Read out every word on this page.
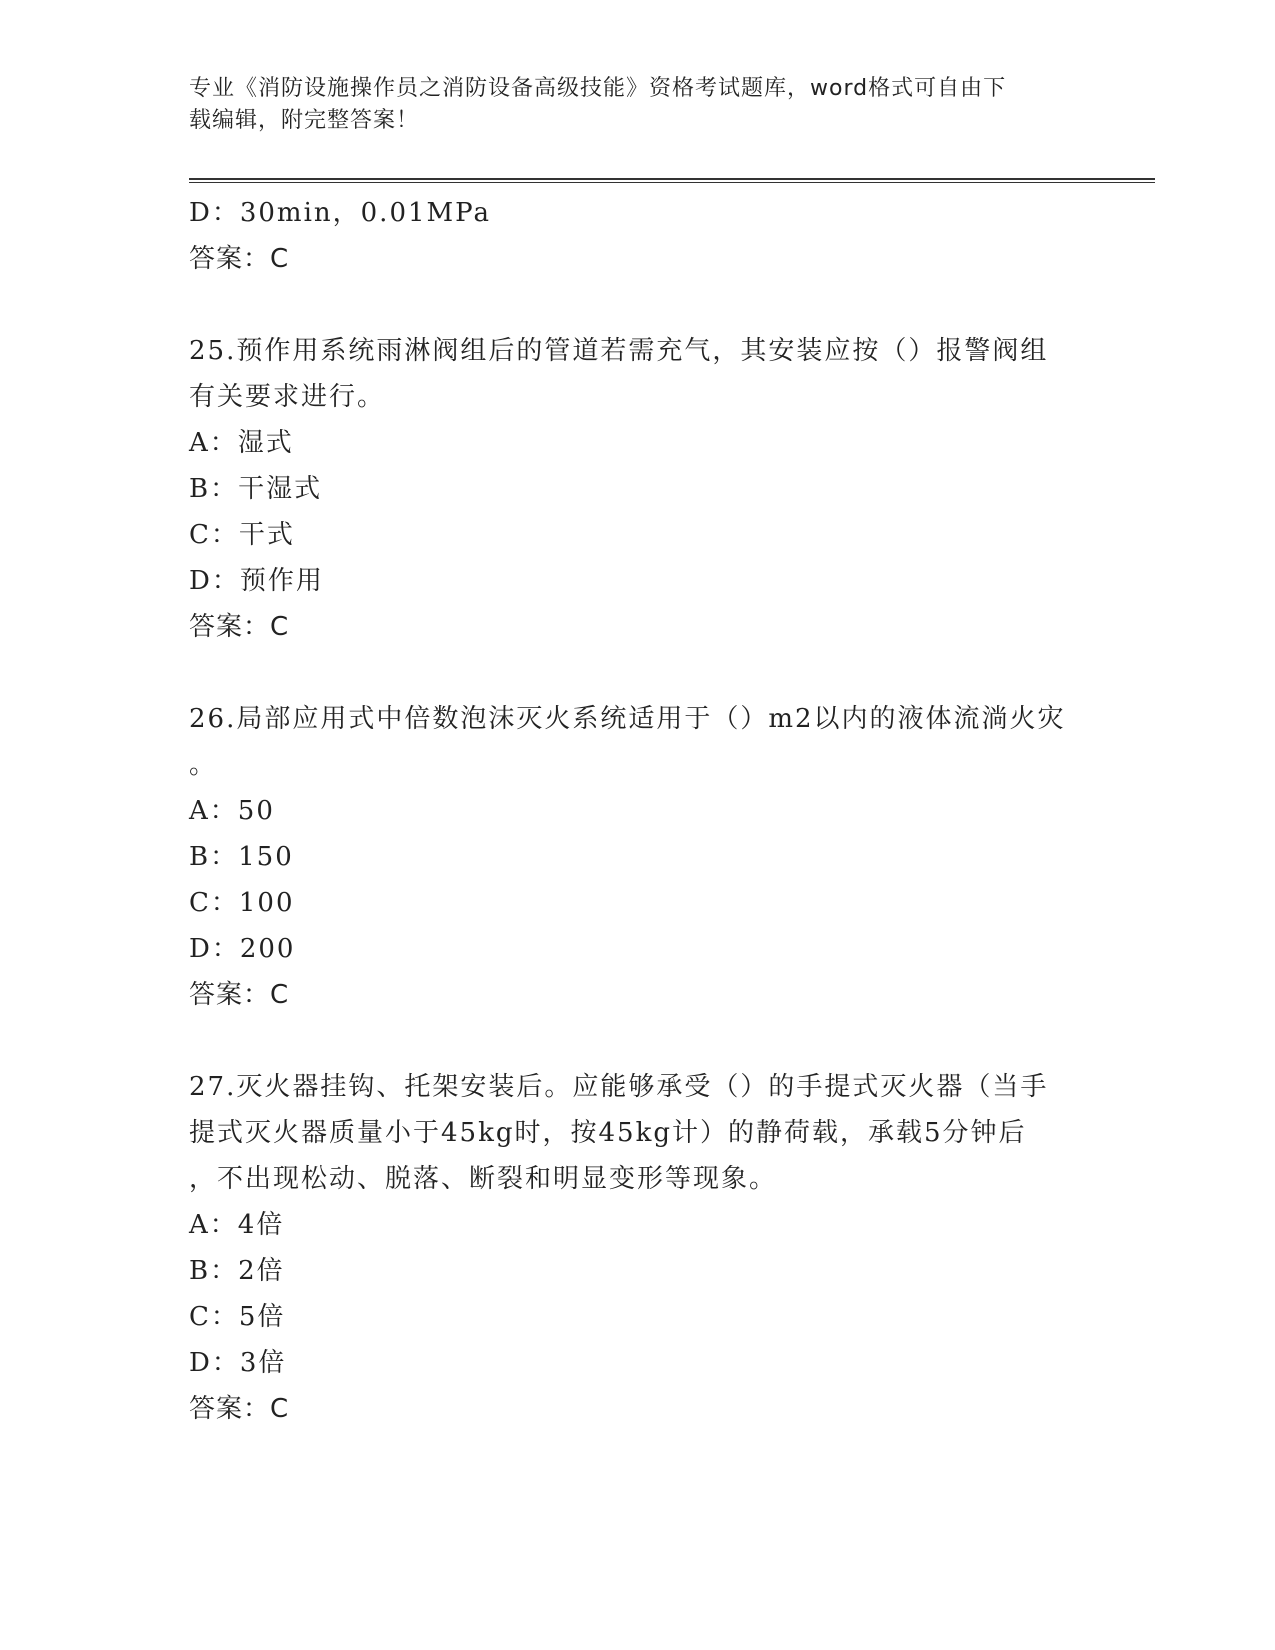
专业《消防设施操作员之消防设备高级技能》资格考试题库，word格式可自由下
载编辑，附完整答案！
D：30min，0.01MPa
答案：C
25.预作用系统雨淋阀组后的管道若需充气，其安装应按（）报警阀组
有关要求进行。
A：湿式
B：干湿式
C：干式
D：预作用
答案：C
26.局部应用式中倍数泡沫灭火系统适用于（）m2以内的液体流淌火灾
。
A：50
B：150
C：100
D：200
答案：C
27.灭火器挂钩、托架安装后。应能够承受（）的手提式灭火器（当手
提式灭火器质量小于45kg时，按45kg计）的静荷载，承载5分钟后
，不出现松动、脱落、断裂和明显变形等现象。
A：4倍
B：2倍
C：5倍
D：3倍
答案：C
